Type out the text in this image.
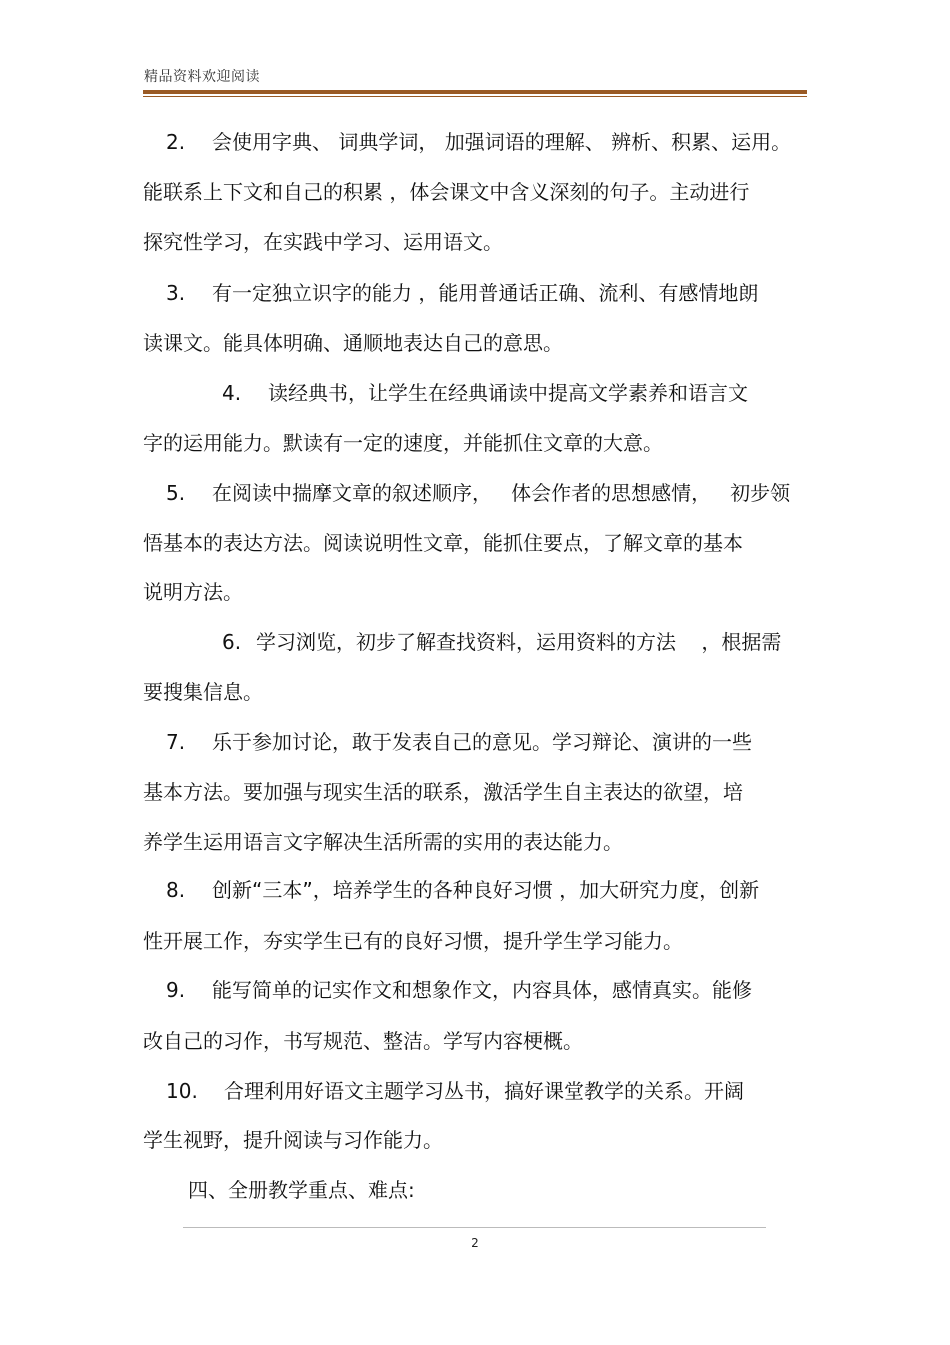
精品资料欢迎阅读
2. 会使用字典、 词典学词， 加强词语的理解、 辨析、积累、运用。
能联系上下文和自己的积累 ，体会课文中含义深刻的句子。主动进行
探究性学习，在实践中学习、运用语文。
3. 有一定独立识字的能力 ，能用普通话正确、流利、有感情地朗
读课文。能具体明确、通顺地表达自己的意思。
4. 读经典书，让学生在经典诵读中提高文学素养和语言文
字的运用能力。默读有一定的速度，并能抓住文章的大意。
5. 在阅读中揣摩文章的叙述顺序，   体会作者的思想感情，   初步领
悟基本的表达方法。阅读说明性文章，能抓住要点，了解文章的基本
说明方法。
6. 学习浏览，初步了解查找资料，运用资料的方法    ，根据需
要搜集信息。
7. 乐于参加讨论，敢于发表自己的意见。学习辩论、演讲的一些
基本方法。要加强与现实生活的联系，激活学生自主表达的欲望，培
养学生运用语言文字解决生活所需的实用的表达能力。
8. 创新“三本”，培养学生的各种良好习惯 ，加大研究力度，创新
性开展工作，夯实学生已有的良好习惯，提升学生学习能力。
9. 能写简单的记实作文和想象作文，内容具体，感情真实。能修
改自己的习作，书写规范、整洁。学写内容梗概。
10. 合理利用好语文主题学习丛书，搞好课堂教学的关系。开阔
学生视野，提升阅读与习作能力。
四、全册教学重点、难点:
2
